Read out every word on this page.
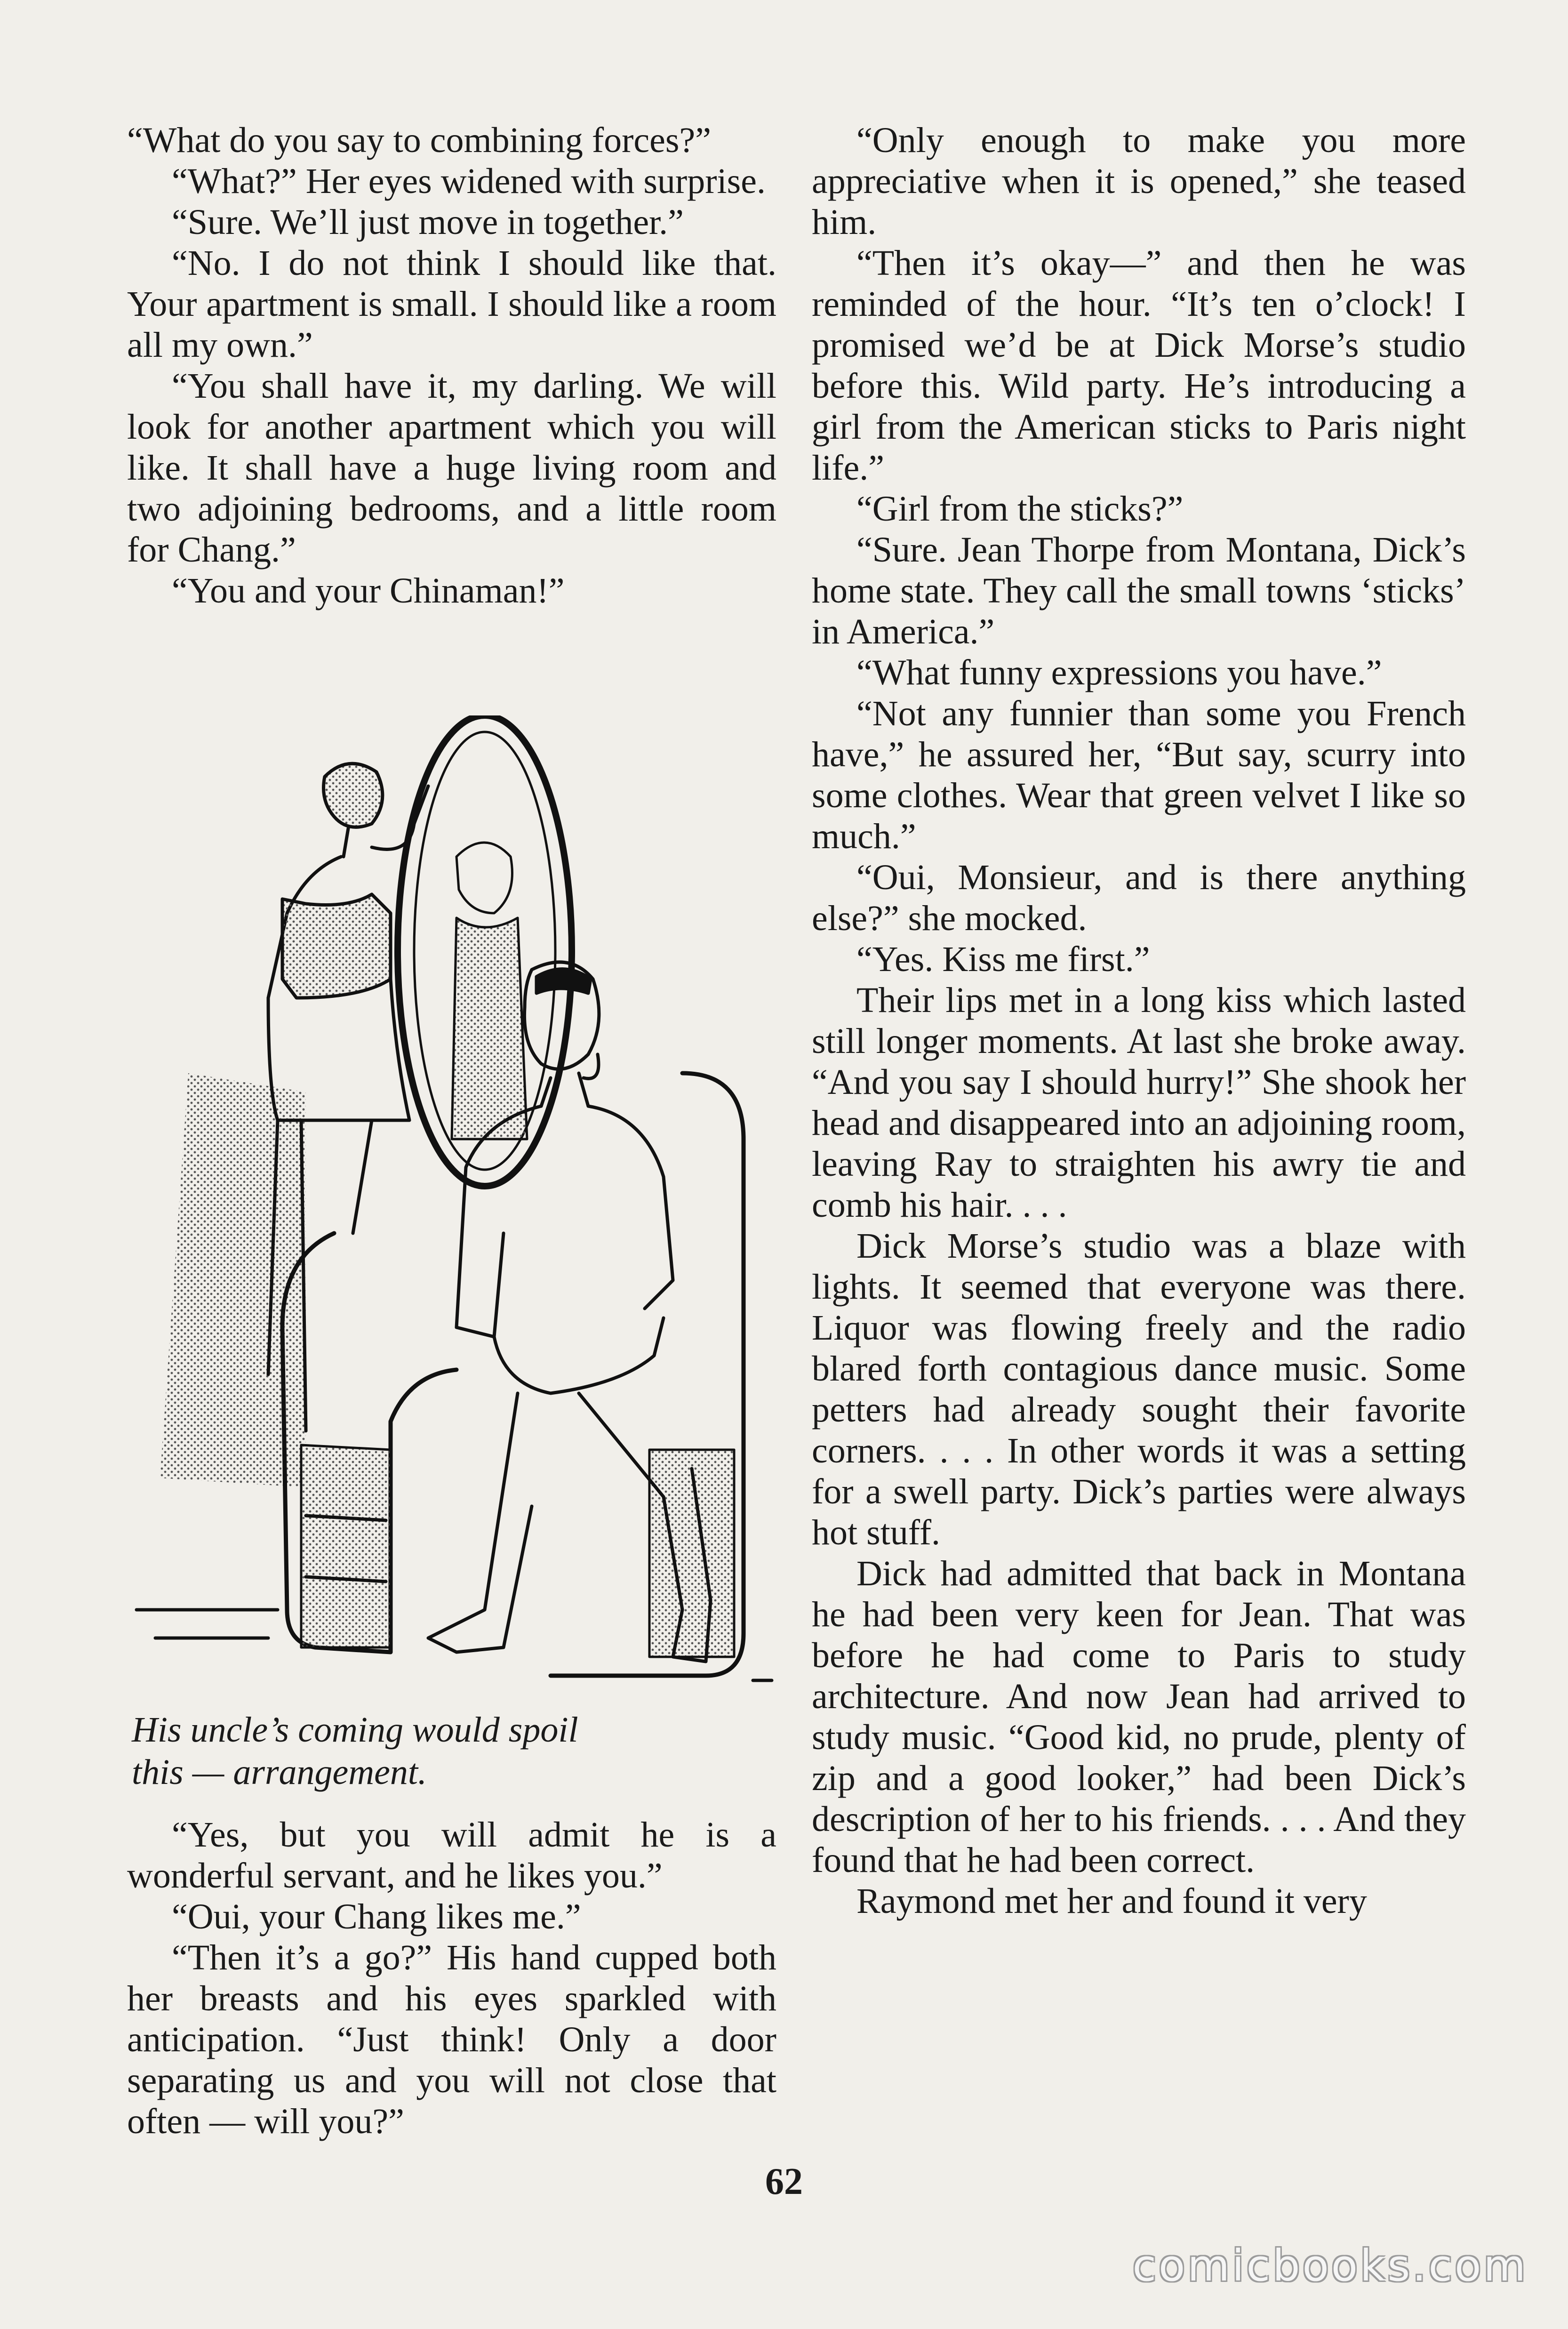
“What do you say to combining forces?”

“What?” Her eyes widened with surprise.

“Sure. We’ll just move in together.”

“No. I do not think I should like that. Your apartment is small. I should like a room all my own.”

“You shall have it, my darling. We will look for another apartment which you will like. It shall have a huge living room and two adjoining bedrooms, and a little room for Chang.”

“You and your Chinaman!”

His uncle’s coming would spoil this — arrangement.

“Yes, but you will admit he is a wonderful servant, and he likes you.”

“Oui, your Chang likes me.”

“Then it’s a go?” His hand cupped both her breasts and his eyes sparkled with anticipation. “Just think! Only a door separating us and you will not close that often — will you?”

“Only enough to make you more appreciative when it is opened,” she teased him.

“Then it’s okay—” and then he was reminded of the hour. “It’s ten o’clock! I promised we’d be at Dick Morse’s studio before this. Wild party. He’s introducing a girl from the American sticks to Paris night life.”

“Girl from the sticks?”

“Sure. Jean Thorpe from Montana, Dick’s home state. They call the small towns ‘sticks’ in America.”

“What funny expressions you have.”

“Not any funnier than some you French have,” he assured her, “But say, scurry into some clothes. Wear that green velvet I like so much.”

“Oui, Monsieur, and is there anything else?” she mocked.

“Yes. Kiss me first.”

Their lips met in a long kiss which lasted still longer moments. At last she broke away. “And you say I should hurry!” She shook her head and disappeared into an adjoining room, leaving Ray to straighten his awry tie and comb his hair. . . .

Dick Morse’s studio was a blaze with lights. It seemed that everyone was there. Liquor was flowing freely and the radio blared forth contagious dance music. Some petters had already sought their favorite corners. . . . In other words it was a setting for a swell party. Dick’s parties were always hot stuff.

Dick had admitted that back in Montana he had been very keen for Jean. That was before he had come to Paris to study architecture. And now Jean had arrived to study music. “Good kid, no prude, plenty of zip and a good looker,” had been Dick’s description of her to his friends. . . . And they found that he had been correct.

Raymond met her and found it very

62
comicbooks.com
